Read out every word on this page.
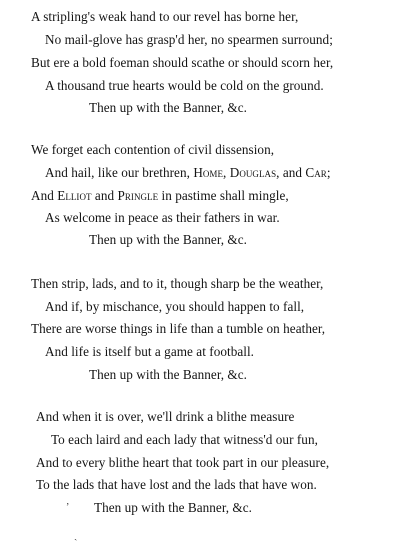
A stripling's weak hand to our revel has borne her,
No mail-glove has grasp'd her, no spearmen surround;
But ere a bold foeman should scathe or should scorn her,
A thousand true hearts would be cold on the ground.
Then up with the Banner, &c.
We forget each contention of civil dissension,
And hail, like our brethren, Home, Douglas, and Car;
And Elliot and Pringle in pastime shall mingle,
As welcome in peace as their fathers in war.
Then up with the Banner, &c.
Then strip, lads, and to it, though sharp be the weather,
And if, by mischance, you should happen to fall,
There are worse things in life than a tumble on heather,
And life is itself but a game at football.
Then up with the Banner, &c.
And when it is over, we'll drink a blithe measure
To each laird and each lady that witness'd our fun,
And to every blithe heart that took part in our pleasure,
To the lads that have lost and the lads that have won.
Then up with the Banner, &c.
’
ˎ
